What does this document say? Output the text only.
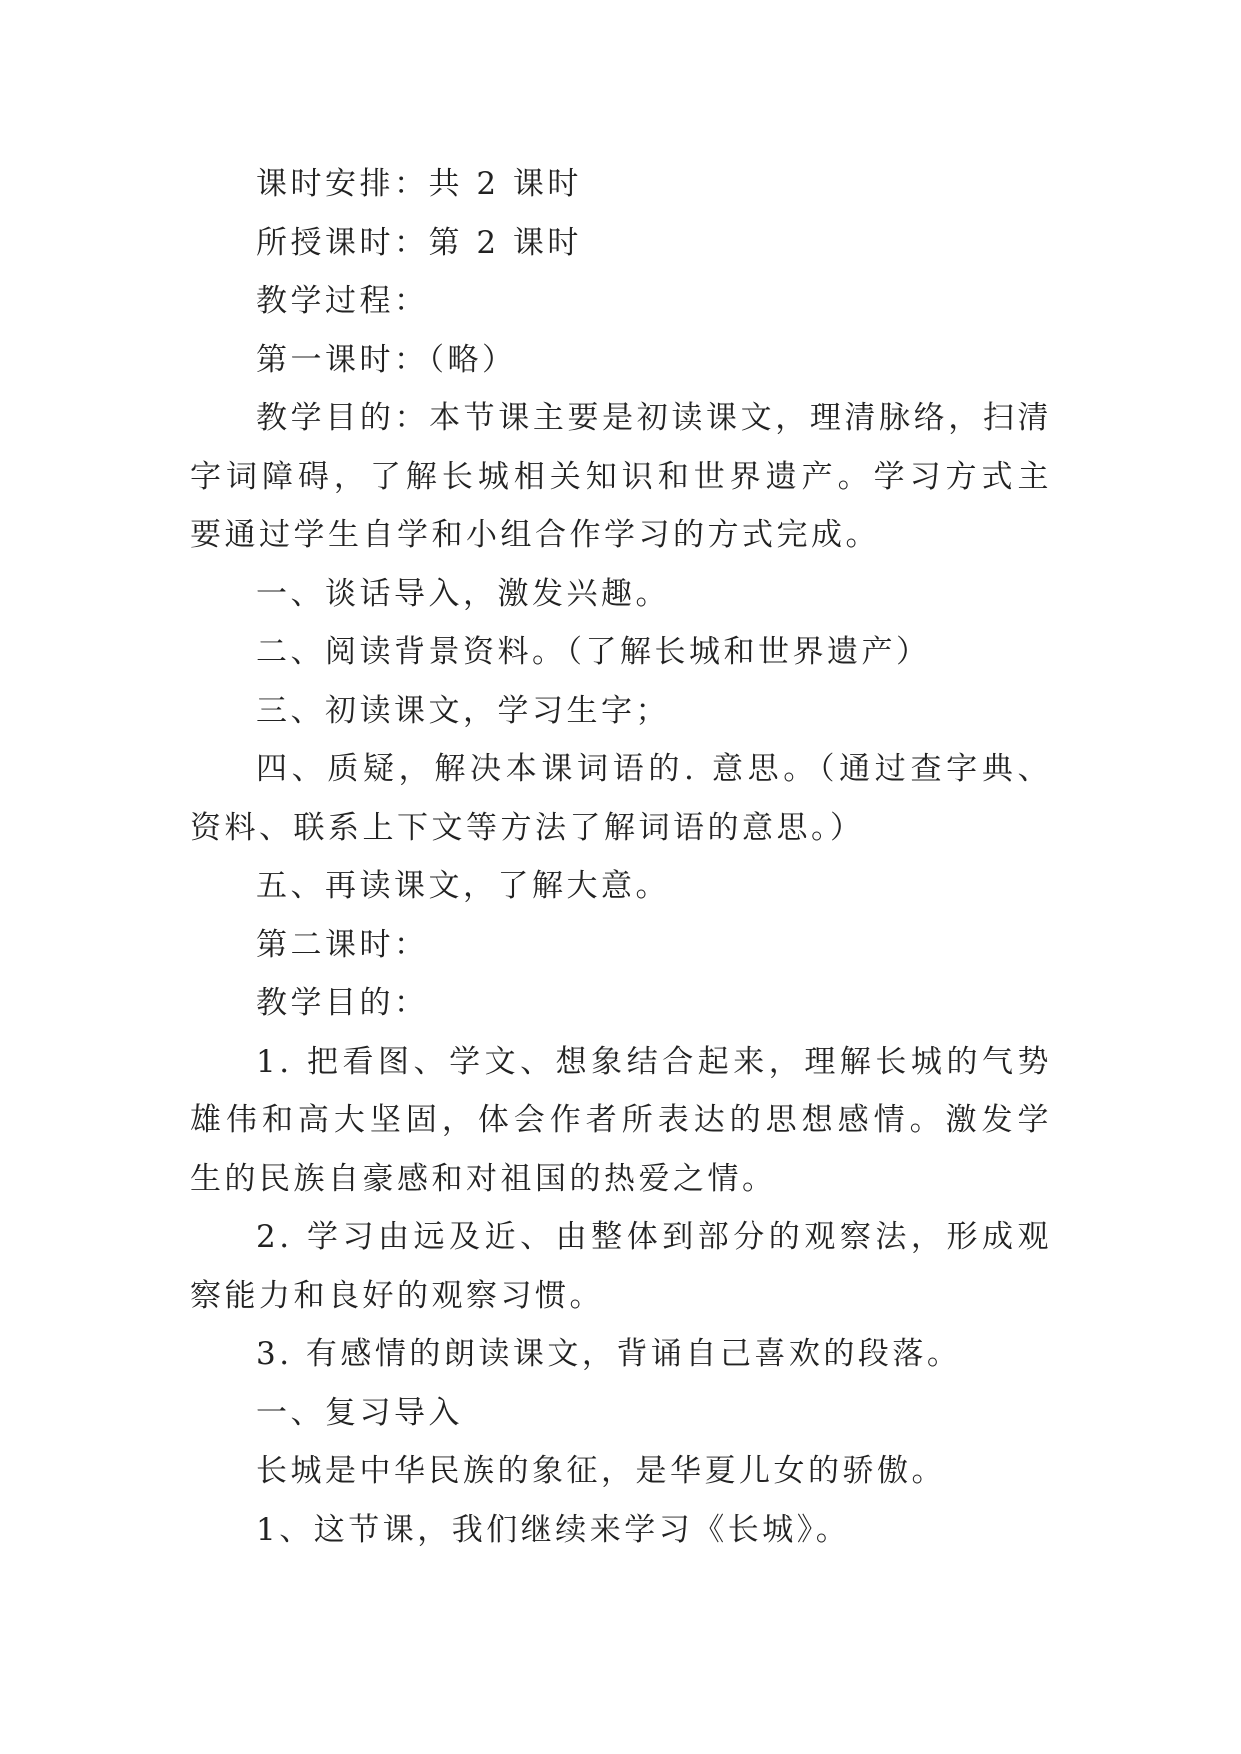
课时安排：共 2 课时

所授课时：第 2 课时

教学过程：

第一课时：（略）

教学目的：本节课主要是初读课文，理清脉络，扫清字词障碍，了解长城相关知识和世界遗产。学习方式主要通过学生自学和小组合作学习的方式完成。

一、谈话导入，激发兴趣。

二、阅读背景资料。（了解长城和世界遗产）

三、初读课文，学习生字；

四、质疑，解决本课词语的. 意思。（通过查字典、资料、联系上下文等方法了解词语的意思。）

五、再读课文，了解大意。

第二课时：

教学目的：

1. 把看图、学文、想象结合起来，理解长城的气势雄伟和高大坚固，体会作者所表达的思想感情。激发学生的民族自豪感和对祖国的热爱之情。

2. 学习由远及近、由整体到部分的观察法，形成观察能力和良好的观察习惯。

3. 有感情的朗读课文，背诵自己喜欢的段落。

一、复习导入

长城是中华民族的象征，是华夏儿女的骄傲。

1、这节课，我们继续来学习《长城》。
